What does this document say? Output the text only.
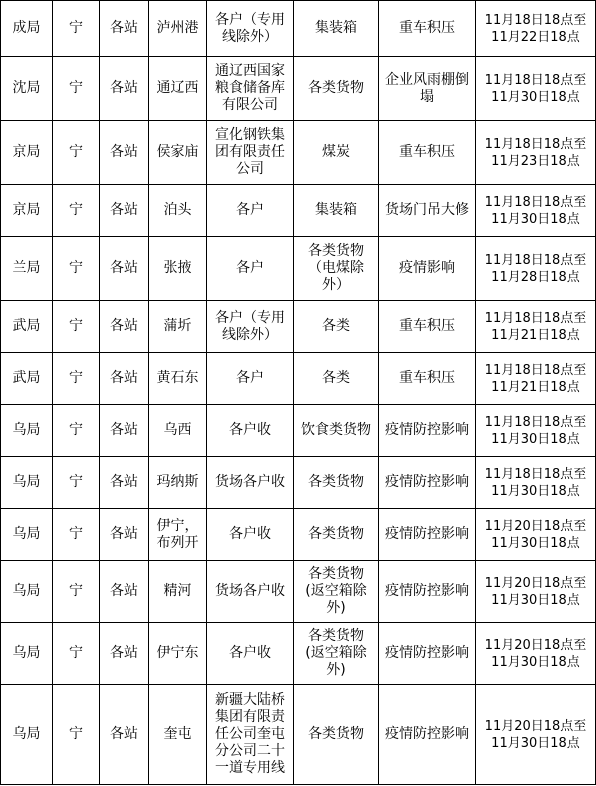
成局	宁	各站	泸州港	各户（专用
线除外）	集装箱	重车积压	11月18日18点至
11月22日18点
沈局	宁	各站	通辽西	通辽西国家
粮食储备库
有限公司	各类货物	企业风雨棚倒
塌	11月18日18点至
11月30日18点
京局	宁	各站	侯家庙	宣化钢铁集
团有限责任
公司	煤炭	重车积压	11月18日18点至
11月23日18点
京局	宁	各站	泊头	各户	集装箱	货场门吊大修	11月18日18点至
11月30日18点
兰局	宁	各站	张掖	各户	各类货物
（电煤除
外）	疫情影响	11月18日18点至
11月28日18点
武局	宁	各站	蒲圻	各户（专用
线除外）	各类	重车积压	11月18日18点至
11月21日18点
武局	宁	各站	黄石东	各户	各类	重车积压	11月18日18点至
11月21日18点
乌局	宁	各站	乌西	各户收	饮食类货物	疫情防控影响	11月18日18点至
11月30日18点
乌局	宁	各站	玛纳斯	货场各户收	各类货物	疫情防控影响	11月18日18点至
11月30日18点
乌局	宁	各站	伊宁，
布列开	各户收	各类货物	疫情防控影响	11月20日18点至
11月30日18点
乌局	宁	各站	精河	货场各户收	各类货物
(返空箱除
外)	疫情防控影响	11月20日18点至
11月30日18点
乌局	宁	各站	伊宁东	各户收	各类货物
(返空箱除
外)	疫情防控影响	11月20日18点至
11月30日18点
乌局	宁	各站	奎屯	新疆大陆桥
集团有限责
任公司奎屯
分公司二十
一道专用线	各类货物	疫情防控影响	11月20日18点至
11月30日18点
